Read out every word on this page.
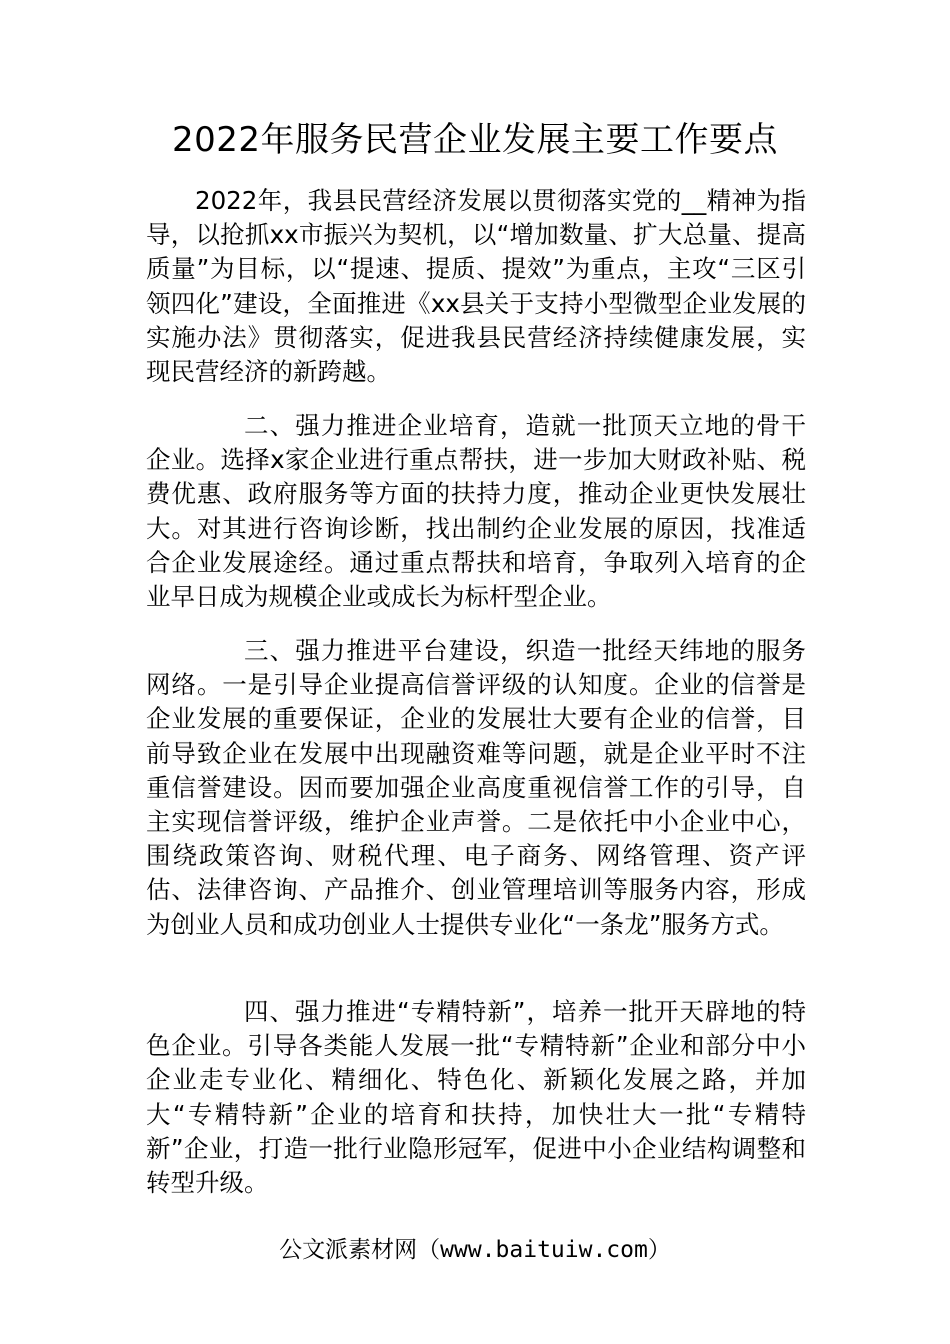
2022年服务民营企业发展主要工作要点

2022年，我县民营经济发展以贯彻落实党的__精神为指导，以抢抓xx市振兴为契机，以“增加数量、扩大总量、提高质量”为目标，以“提速、提质、提效”为重点，主攻“三区引领四化”建设，全面推进《xx县关于支持小型微型企业发展的实施办法》贯彻落实，促进我县民营经济持续健康发展，实现民营经济的新跨越。

二、强力推进企业培育，造就一批顶天立地的骨干企业。选择x家企业进行重点帮扶，进一步加大财政补贴、税费优惠、政府服务等方面的扶持力度，推动企业更快发展壮大。对其进行咨询诊断，找出制约企业发展的原因，找准适合企业发展途经。通过重点帮扶和培育，争取列入培育的企业早日成为规模企业或成长为标杆型企业。

三、强力推进平台建设，织造一批经天纬地的服务网络。一是引导企业提高信誉评级的认知度。企业的信誉是企业发展的重要保证，企业的发展壮大要有企业的信誉，目前导致企业在发展中出现融资难等问题，就是企业平时不注重信誉建设。因而要加强企业高度重视信誉工作的引导，自主实现信誉评级，维护企业声誉。二是依托中小企业中心，围绕政策咨询、财税代理、电子商务、网络管理、资产评估、法律咨询、产品推介、创业管理培训等服务内容，形成为创业人员和成功创业人士提供专业化“一条龙”服务方式。

四、强力推进“专精特新”，培养一批开天辟地的特色企业。引导各类能人发展一批“专精特新”企业和部分中小企业走专业化、精细化、特色化、新颖化发展之路，并加大“专精特新”企业的培育和扶持，加快壮大一批“专精特新”企业，打造一批行业隐形冠军，促进中小企业结构调整和转型升级。

公文派素材网（www.baituiw.com）
